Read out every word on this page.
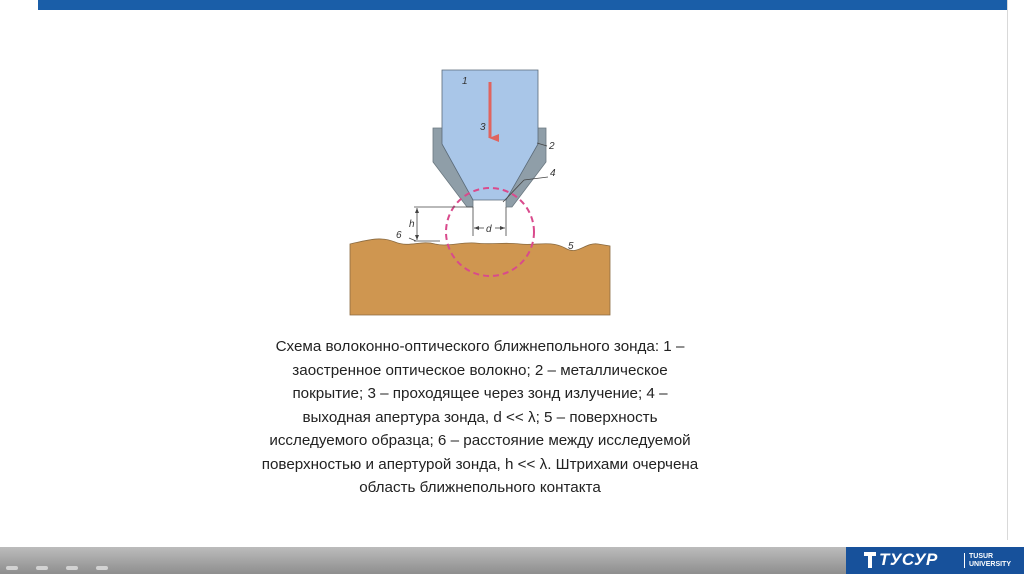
d
h
1
2
3
4
5
6
Схема волоконно-оптического ближнепольного зонда: 1 –
заостренное оптическое волокно; 2 – металлическое
покрытие; 3 – проходящее через зонд излучение; 4 –
выходная апертура зонда, d << λ; 5 – поверхность
исследуемого образца; 6 – расстояние между исследуемой
поверхностью и апертурой зонда, h << λ. Штрихами очерчена
область ближнепольного контакта
ТУСУР	TUSUR
UNIVERSITY
